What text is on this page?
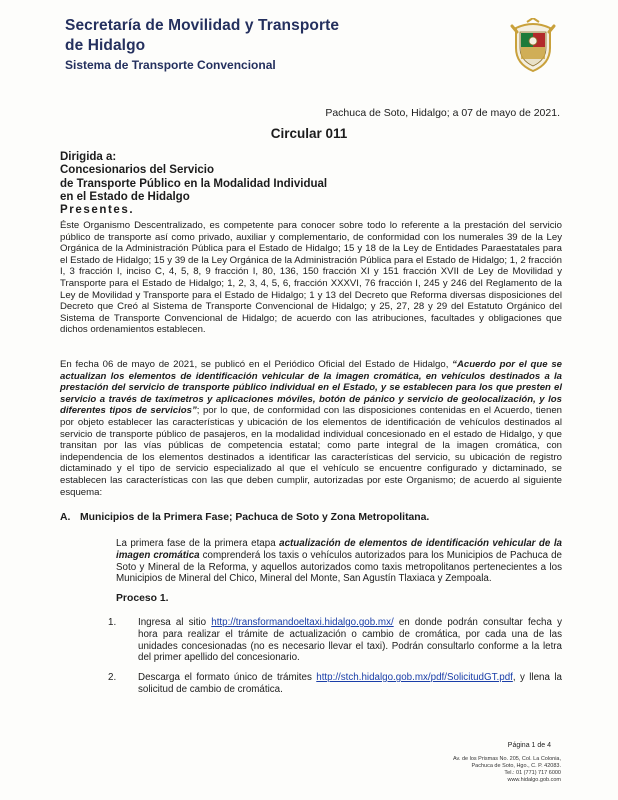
Secretaría de Movilidad y Transporte
de Hidalgo
Sistema de Transporte Convencional
Pachuca de Soto, Hidalgo; a 07 de mayo de 2021.
Circular 011
Dirigida a:
Concesionarios del Servicio
de Transporte Público en la Modalidad Individual
en el Estado de Hidalgo
Presentes.
Éste Organismo Descentralizado, es competente para conocer sobre todo lo referente a la prestación del servicio público de transporte así como privado, auxiliar y complementario, de conformidad con los numerales 39 de la Ley Orgánica de la Administración Pública para el Estado de Hidalgo; 15 y 18 de la Ley de Entidades Paraestatales para el Estado de Hidalgo; 15 y 39 de la Ley Orgánica de la Administración Pública para el Estado de Hidalgo; 1, 2 fracción I, 3 fracción I, inciso C, 4, 5, 8, 9 fracción I, 80, 136, 150 fracción XI y 151 fracción XVII de Ley de Movilidad y Transporte para el Estado de Hidalgo; 1, 2, 3, 4, 5, 6, fracción XXXVI, 76 fracción I, 245 y 246 del Reglamento de la Ley de Movilidad y Transporte para el Estado de Hidalgo; 1 y 13 del Decreto que Reforma diversas disposiciones del Decreto que Creó al Sistema de Transporte Convencional de Hidalgo; y 25, 27, 28 y 29 del Estatuto Orgánico del Sistema de Transporte Convencional de Hidalgo; de acuerdo con las atribuciones, facultades y obligaciones que dichos ordenamientos establecen.
En fecha 06 de mayo de 2021, se publicó en el Periódico Oficial del Estado de Hidalgo, “Acuerdo por el que se actualizan los elementos de identificación vehicular de la imagen cromática, en vehículos destinados a la prestación del servicio de transporte público individual en el Estado, y se establecen para los que presten el servicio a través de taxímetros y aplicaciones móviles, botón de pánico y servicio de geolocalización, y los diferentes tipos de servicios”; por lo que, de conformidad con las disposiciones contenidas en el Acuerdo, tienen por objeto establecer las características y ubicación de los elementos de identificación de vehículos destinados al servicio de transporte público de pasajeros, en la modalidad individual concesionado en el estado de Hidalgo, y que transitan por las vías públicas de competencia estatal; como parte integral de la imagen cromática, con independencia de los elementos destinados a identificar las características del servicio, su ubicación de registro dictaminado y el tipo de servicio especializado al que el vehículo se encuentre configurado y dictaminado, se establecen las características con las que deben cumplir, autorizadas por este Organismo; de acuerdo al siguiente esquema:
A. Municipios de la Primera Fase; Pachuca de Soto y Zona Metropolitana.
La primera fase de la primera etapa actualización de elementos de identificación vehicular de la imagen cromática comprenderá los taxis o vehículos autorizados para los Municipios de Pachuca de Soto y Mineral de la Reforma, y aquellos autorizados como taxis metropolitanos pertenecientes a los Municipios de Mineral del Chico, Mineral del Monte, San Agustín Tlaxiaca y Zempoala.
Proceso 1.
1. Ingresa al sitio http://transformandoeltaxi.hidalgo.gob.mx/ en donde podrán consultar fecha y hora para realizar el trámite de actualización o cambio de cromática, por cada una de las unidades concesionadas (no es necesario llevar el taxi). Podrán consultarlo conforme a la letra del primer apellido del concesionario.
2. Descarga el formato único de trámites http://stch.hidalgo.gob.mx/pdf/SolicitudGT.pdf, y llena la solicitud de cambio de cromática.
Página 1 de 4
Av. de los Prismas No. 205, Col. La Colonia,
Pachuca de Soto, Hgo., C. P. 42083.
Tel.: 01 (771) 717 6000
www.hidalgo.gob.com
